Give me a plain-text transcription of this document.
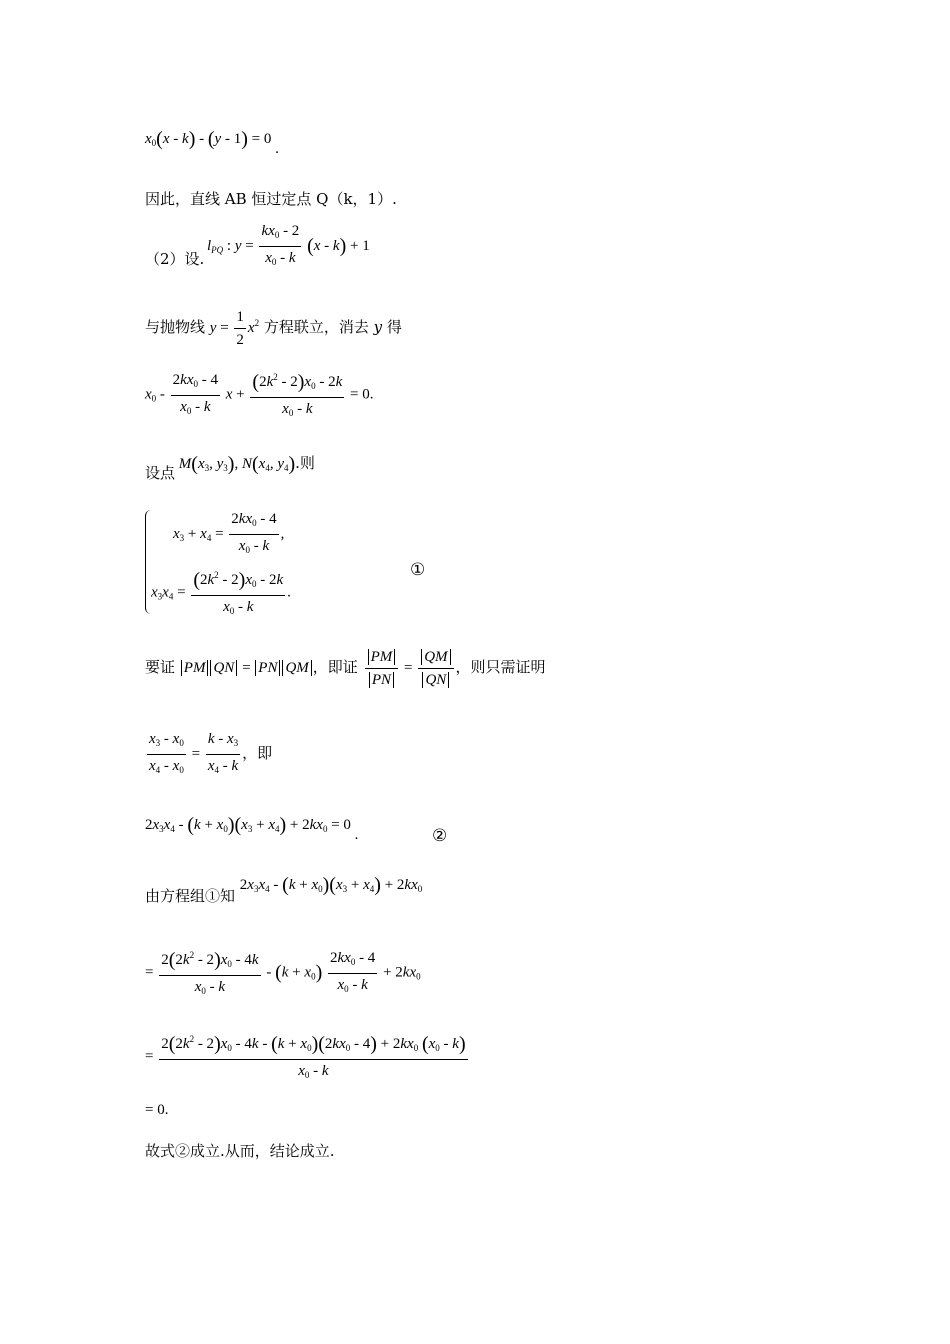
$x_0(x - k) - (y - 1) = 0$ .
因此，直线 AB 恒过定点 Q（k，1）.
（2）设.
$l_{PQ}$ : $y = \frac{kx_0 - 2}{x_0 - k} (x - k) + 1$
与抛物线 $y = \frac{1}{2} x^2$ 方程联立，消去 y 得
$x_0 - \frac{2kx_0 - 4}{x_0 - k}$ $x + \frac{(2k^2 - 2)x_0 - 2k}{x_0 - k} = 0$.
设点 $M(x_3$, $y_3$), $N(x_4$, $y_4$).则
$x_3 + x_4 = \frac{2kx_0 - 4}{x_0 - k}$ ,
$x_3x_4 = \frac{(2k^2 - 2)x_0 - 2k}{x_0 - k}$ .
①
要证 PM QN = PN QM ，即证 $\frac{PM}{PN} = \frac{QM}{QN}$ ，则只需证明
$\frac{x_3 - x_0}{x_4 - x_0} = \frac{k - x_3}{x_4 - k}$ ，即
$2x_3x_4 - (k + x_0)(x_3 + x_4) + 2kx_0 = 0$ .	②
由方程组①知 $2x_3x_4 - (k + x_0)(x_3 + x_4) + 2kx_0$
= $\frac{2(2k^2 - 2)x_0 - 4k}{x_0 - k} - (k + x_0) \frac{2kx_0 - 4}{x_0 - k} + 2kx_0$
= $\frac{2(2k^2 - 2)x_0 - 4k - (k + x_0)(2kx_0 - 4) + 2kx_0 (x_0 - k)}{x_0 - k}$
= 0.
故式②成立.从而，结论成立.
